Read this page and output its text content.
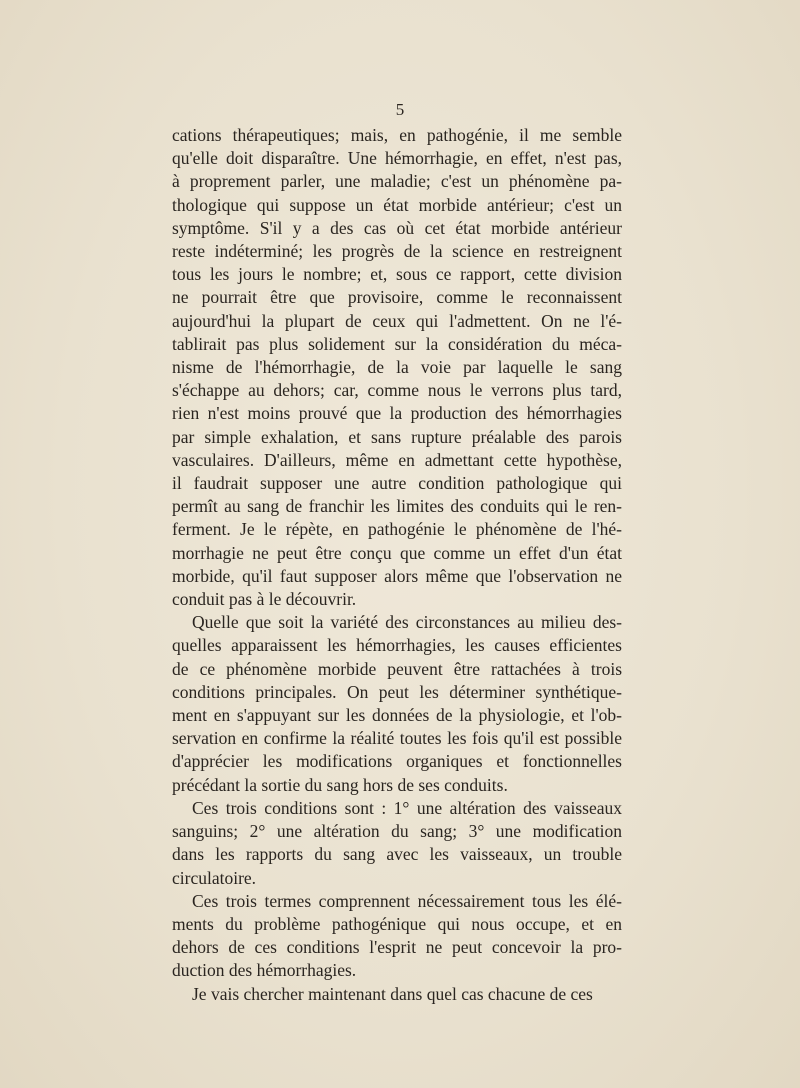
5
cations thérapeutiques; mais, en pathogénie, il me semble
qu'elle doit disparaître. Une hémorrhagie, en effet, n'est pas,
à proprement parler, une maladie; c'est un phénomène pa-
thologique qui suppose un état morbide antérieur; c'est un
symptôme. S'il y a des cas où cet état morbide antérieur
reste indéterminé; les progrès de la science en restreignent
tous les jours le nombre; et, sous ce rapport, cette division
ne pourrait être que provisoire, comme le reconnaissent
aujourd'hui la plupart de ceux qui l'admettent. On ne l'é-
tablirait pas plus solidement sur la considération du méca-
nisme de l'hémorrhagie, de la voie par laquelle le sang
s'échappe au dehors; car, comme nous le verrons plus tard,
rien n'est moins prouvé que la production des hémorrhagies
par simple exhalation, et sans rupture préalable des parois
vasculaires. D'ailleurs, même en admettant cette hypothèse,
il faudrait supposer une autre condition pathologique qui
permît au sang de franchir les limites des conduits qui le ren-
ferment. Je le répète, en pathogénie le phénomène de l'hé-
morrhagie ne peut être conçu que comme un effet d'un état
morbide, qu'il faut supposer alors même que l'observation ne
conduit pas à le découvrir.
Quelle que soit la variété des circonstances au milieu des-
quelles apparaissent les hémorrhagies, les causes efficientes
de ce phénomène morbide peuvent être rattachées à trois
conditions principales. On peut les déterminer synthétique-
ment en s'appuyant sur les données de la physiologie, et l'ob-
servation en confirme la réalité toutes les fois qu'il est possible
d'apprécier les modifications organiques et fonctionnelles
précédant la sortie du sang hors de ses conduits.
Ces trois conditions sont : 1° une altération des vaisseaux
sanguins; 2° une altération du sang; 3° une modification
dans les rapports du sang avec les vaisseaux, un trouble
circulatoire.
Ces trois termes comprennent nécessairement tous les élé-
ments du problème pathogénique qui nous occupe, et en
dehors de ces conditions l'esprit ne peut concevoir la pro-
duction des hémorrhagies.
Je vais chercher maintenant dans quel cas chacune de ces
